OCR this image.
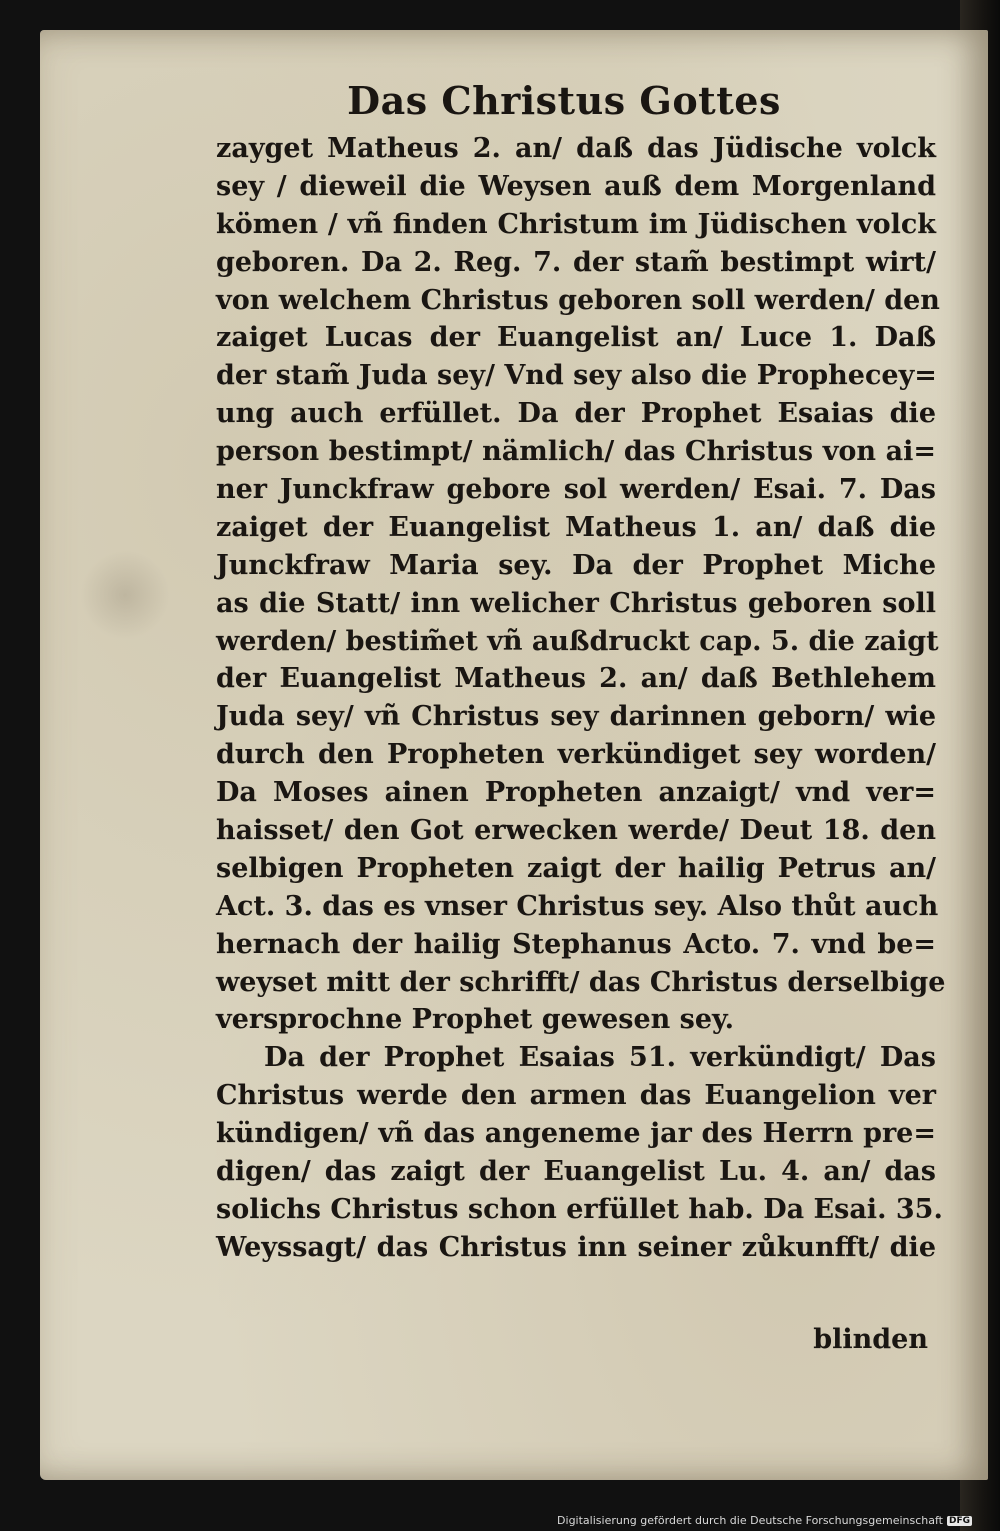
Das Christus Gottes
zayget Matheus 2. an/ daß das Jüdische volck
sey / dieweil die Weysen auß dem Morgenland
kömen / vñ finden Christum im Jüdischen volck
geboren. Da 2. Reg. 7. der stam̃ bestimpt wirt/
von welchem Christus geboren soll werden/ den
zaiget Lucas der Euangelist an/ Luce 1. Daß
der stam̃ Juda sey/ Vnd sey also die Prophecey=
ung auch erfüllet. Da der Prophet Esaias die
person bestimpt/ nämlich/ das Christus von ai=
ner Junckfraw gebore sol werden/ Esai. 7. Das
zaiget der Euangelist Matheus 1. an/ daß die
Junckfraw Maria sey. Da der Prophet Miche
as die Statt/ inn welicher Christus geboren soll
werden/ bestim̃et vñ außdruckt cap. 5. die zaigt
der Euangelist Matheus 2. an/ daß Bethlehem
Juda sey/ vñ Christus sey darinnen geborn/ wie
durch den Propheten verkündiget sey worden/
Da Moses ainen Propheten anzaigt/ vnd ver=
haisset/ den Got erwecken werde/ Deut 18. den
selbigen Propheten zaigt der hailig Petrus an/
Act. 3. das es vnser Christus sey. Also thůt auch
hernach der hailig Stephanus Acto. 7. vnd be=
weyset mitt der schrifft/ das Christus derselbige
versprochne Prophet gewesen sey.
Da der Prophet Esaias 51. verkündigt/ Das
Christus werde den armen das Euangelion ver
kündigen/ vñ das angeneme jar des Herrn pre=
digen/ das zaigt der Euangelist Lu. 4. an/ das
solichs Christus schon erfüllet hab. Da Esai. 35.
Weyssagt/ das Christus inn seiner zůkunfft/ die
blinden
Digitalisierung gefördert durch die Deutsche Forschungsgemeinschaft DFG
